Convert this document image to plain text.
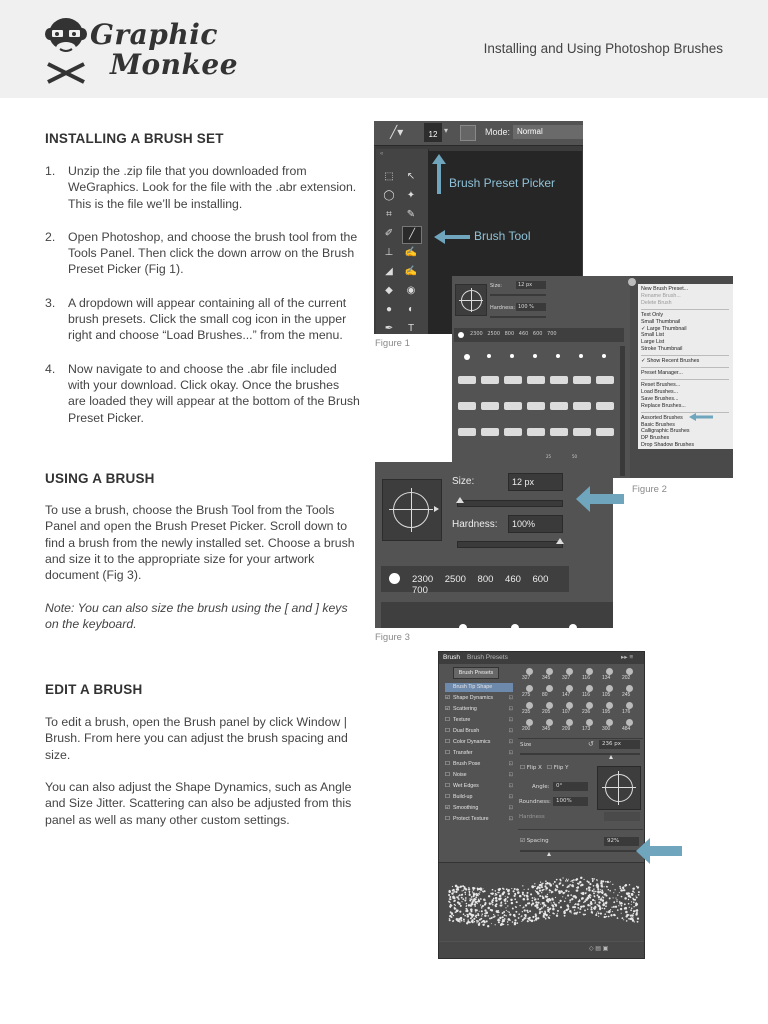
Graphic
Monkee	Installing and Using Photoshop Brushes
INSTALLING A BRUSH SET
1. Unzip the .zip file that you downloaded from WeGraphics. Look for the file with the .abr extension. This is the file we’ll be installing.
2. Open Photoshop, and choose the brush tool from the Tools Panel. Then click the down arrow on the Brush Preset Picker (Fig 1).
3. A dropdown will appear containing all of the current brush presets. Click the small cog icon in the upper right and choose “Load Brushes...” from the menu.
4. Now navigate to and choose the .abr file included with your download. Click okay. Once the brushes are loaded they will appear at the bottom of the Brush Preset Picker.
USING A BRUSH
To use a brush, choose the Brush Tool from the Tools Panel and open the Brush Preset Picker. Scroll down to find a brush from the newly installed set. Choose a brush and size it to the appropriate size for your artwork document (Fig 3).
Note: You can also size the brush using the [ and ] keys on the keyboard.
EDIT A BRUSH
To edit a brush, open the Brush panel by click Window | Brush. From here you can adjust the brush spacing and size.
You can also adjust the Shape Dynamics, such as Angle and Size Jitter. Scattering can also be adjusted from this panel as well as many other custom settings.
╱▾	12 ▾	Mode: Normal
«
Brush Preset Picker
Brush Tool
⬚	↖
◯	✦
⌗	✎
✐	╱
⊥	✍
◢	✍
◆	◉
●	◐
✒	T
Figure 1
Size:	12 px
Hardness: 100 %
2300 2500 800 460 600 700
25	50
New Brush Preset...
Rename Brush...
Delete Brush
Text Only
Small Thumbnail
✓ Large Thumbnail
Small List
Large List
Stroke Thumbnail
✓ Show Recent Brushes
Preset Manager...
Reset Brushes...
Load Brushes...
Save Brushes...
Replace Brushes...
Assorted Brushes
Basic Brushes
Calligraphic Brushes
DP Brushes
Drop Shadow Brushes
Figure 2
Size:	12 px
Hardness:	100%
2300 2500 800 460 600 700
Figure 3
Brush Brush Presets	▸▸ ≡
Brush Presets
Size	↺	236 px
☐ Flip X ☐ Flip Y
Angle:	0°
Roundness: 100%
Hardness
☑ Spacing	92%
◇ ▤ ▣
Brush Tip Shape
☑ Shape Dynamics	⊡
☑ Scattering	⊡
☐ Texture	⊡
☐ Dual Brush	⊡
☐ Color Dynamics	⊡
☐ Transfer	⊡
☐ Brush Pose	⊡
☐ Noise	⊡
☐ Wet Edges	⊡
☐ Build-up	⊡
☑ Smoothing	⊡
☐ Protect Texture	⊡
327 345 327 116 134 202
275 80	147 116 105 245
235 205 107 236 195 176
200 345 209 173 300 484
